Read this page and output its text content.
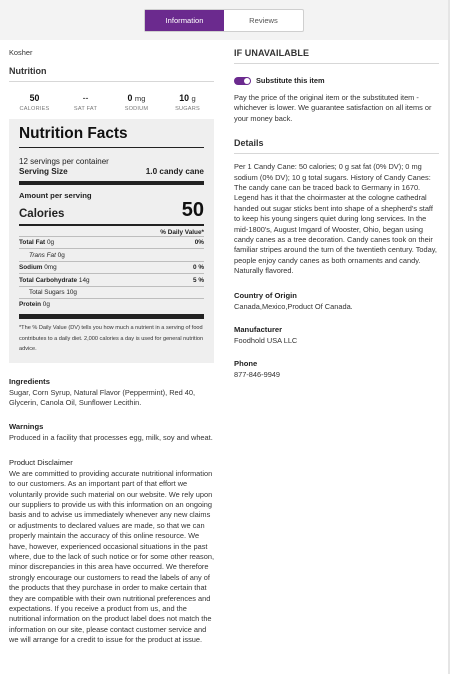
Information	Reviews
Kosher
Nutrition
50
CALORIES
--
SAT FAT
0 mg
SODIUM
10 g
SUGARS
Nutrition Facts
12 servings per container
Serving Size	1.0 candy cane
Amount per serving
Calories	50
% Daily Value*
Total Fat 0g	0%
Trans Fat 0g
Sodium 0mg	0 %
Total Carbohydrate 14g	5 %
Total Sugars 10g
Protein 0g
*The % Daily Value (DV) tells you how much a nutrient in a serving of food contributes to a daily diet. 2,000 calories a day is used for general nutrition advice.
Ingredients
Sugar, Corn Syrup, Natural Flavor (Peppermint), Red 40, Glycerin, Canola Oil, Sunflower Lecithin.
Warnings
Produced in a facility that processes egg, milk, soy and wheat.
Product Disclaimer
We are committed to providing accurate nutritional information to our customers. As an important part of that effort we voluntarily provide such material on our website. We rely upon our suppliers to provide us with this information on an ongoing basis and to advise us immediately whenever any new claims or adjustments to declared values are made, so that we can properly maintain the accuracy of this online resource. We have, however, experienced occasional situations in the past where, due to the lack of such notice or for some other reason, minor discrepancies in this area have occurred. We therefore strongly encourage our customers to read the labels of any of the products that they purchase in order to make certain that they are compatible with their own nutritional preferences and expectations. If you receive a product from us, and the nutritional information on the product label does not match the information on our site, please contact customer service and we will arrange for a credit to issue for the product at issue.
IF UNAVAILABLE
Substitute this item
Pay the price of the original item or the substituted item - whichever is lower. We guarantee satisfaction on all items or your money back.
Details
Per 1 Candy Cane: 50 calories; 0 g sat fat (0% DV); 0 mg sodium (0% DV); 10 g total sugars. History of Candy Canes: The candy cane can be traced back to Germany in 1670. Legend has it that the choirmaster at the cologne cathedral handed out sugar sticks bent into shape of a shepherd's staff to keep his young singers quiet during long services. In the mid-1800's, August Imgard of Wooster, Ohio, began using candy canes as a tree decoration. Candy canes took on their familiar stripes around the turn of the twentieth century. Today, people enjoy candy canes as both ornaments and candy. Naturally flavored.
Country of Origin
Canada,Mexico,Product Of Canada.
Manufacturer
Foodhold USA LLC
Phone
877-846-9949
